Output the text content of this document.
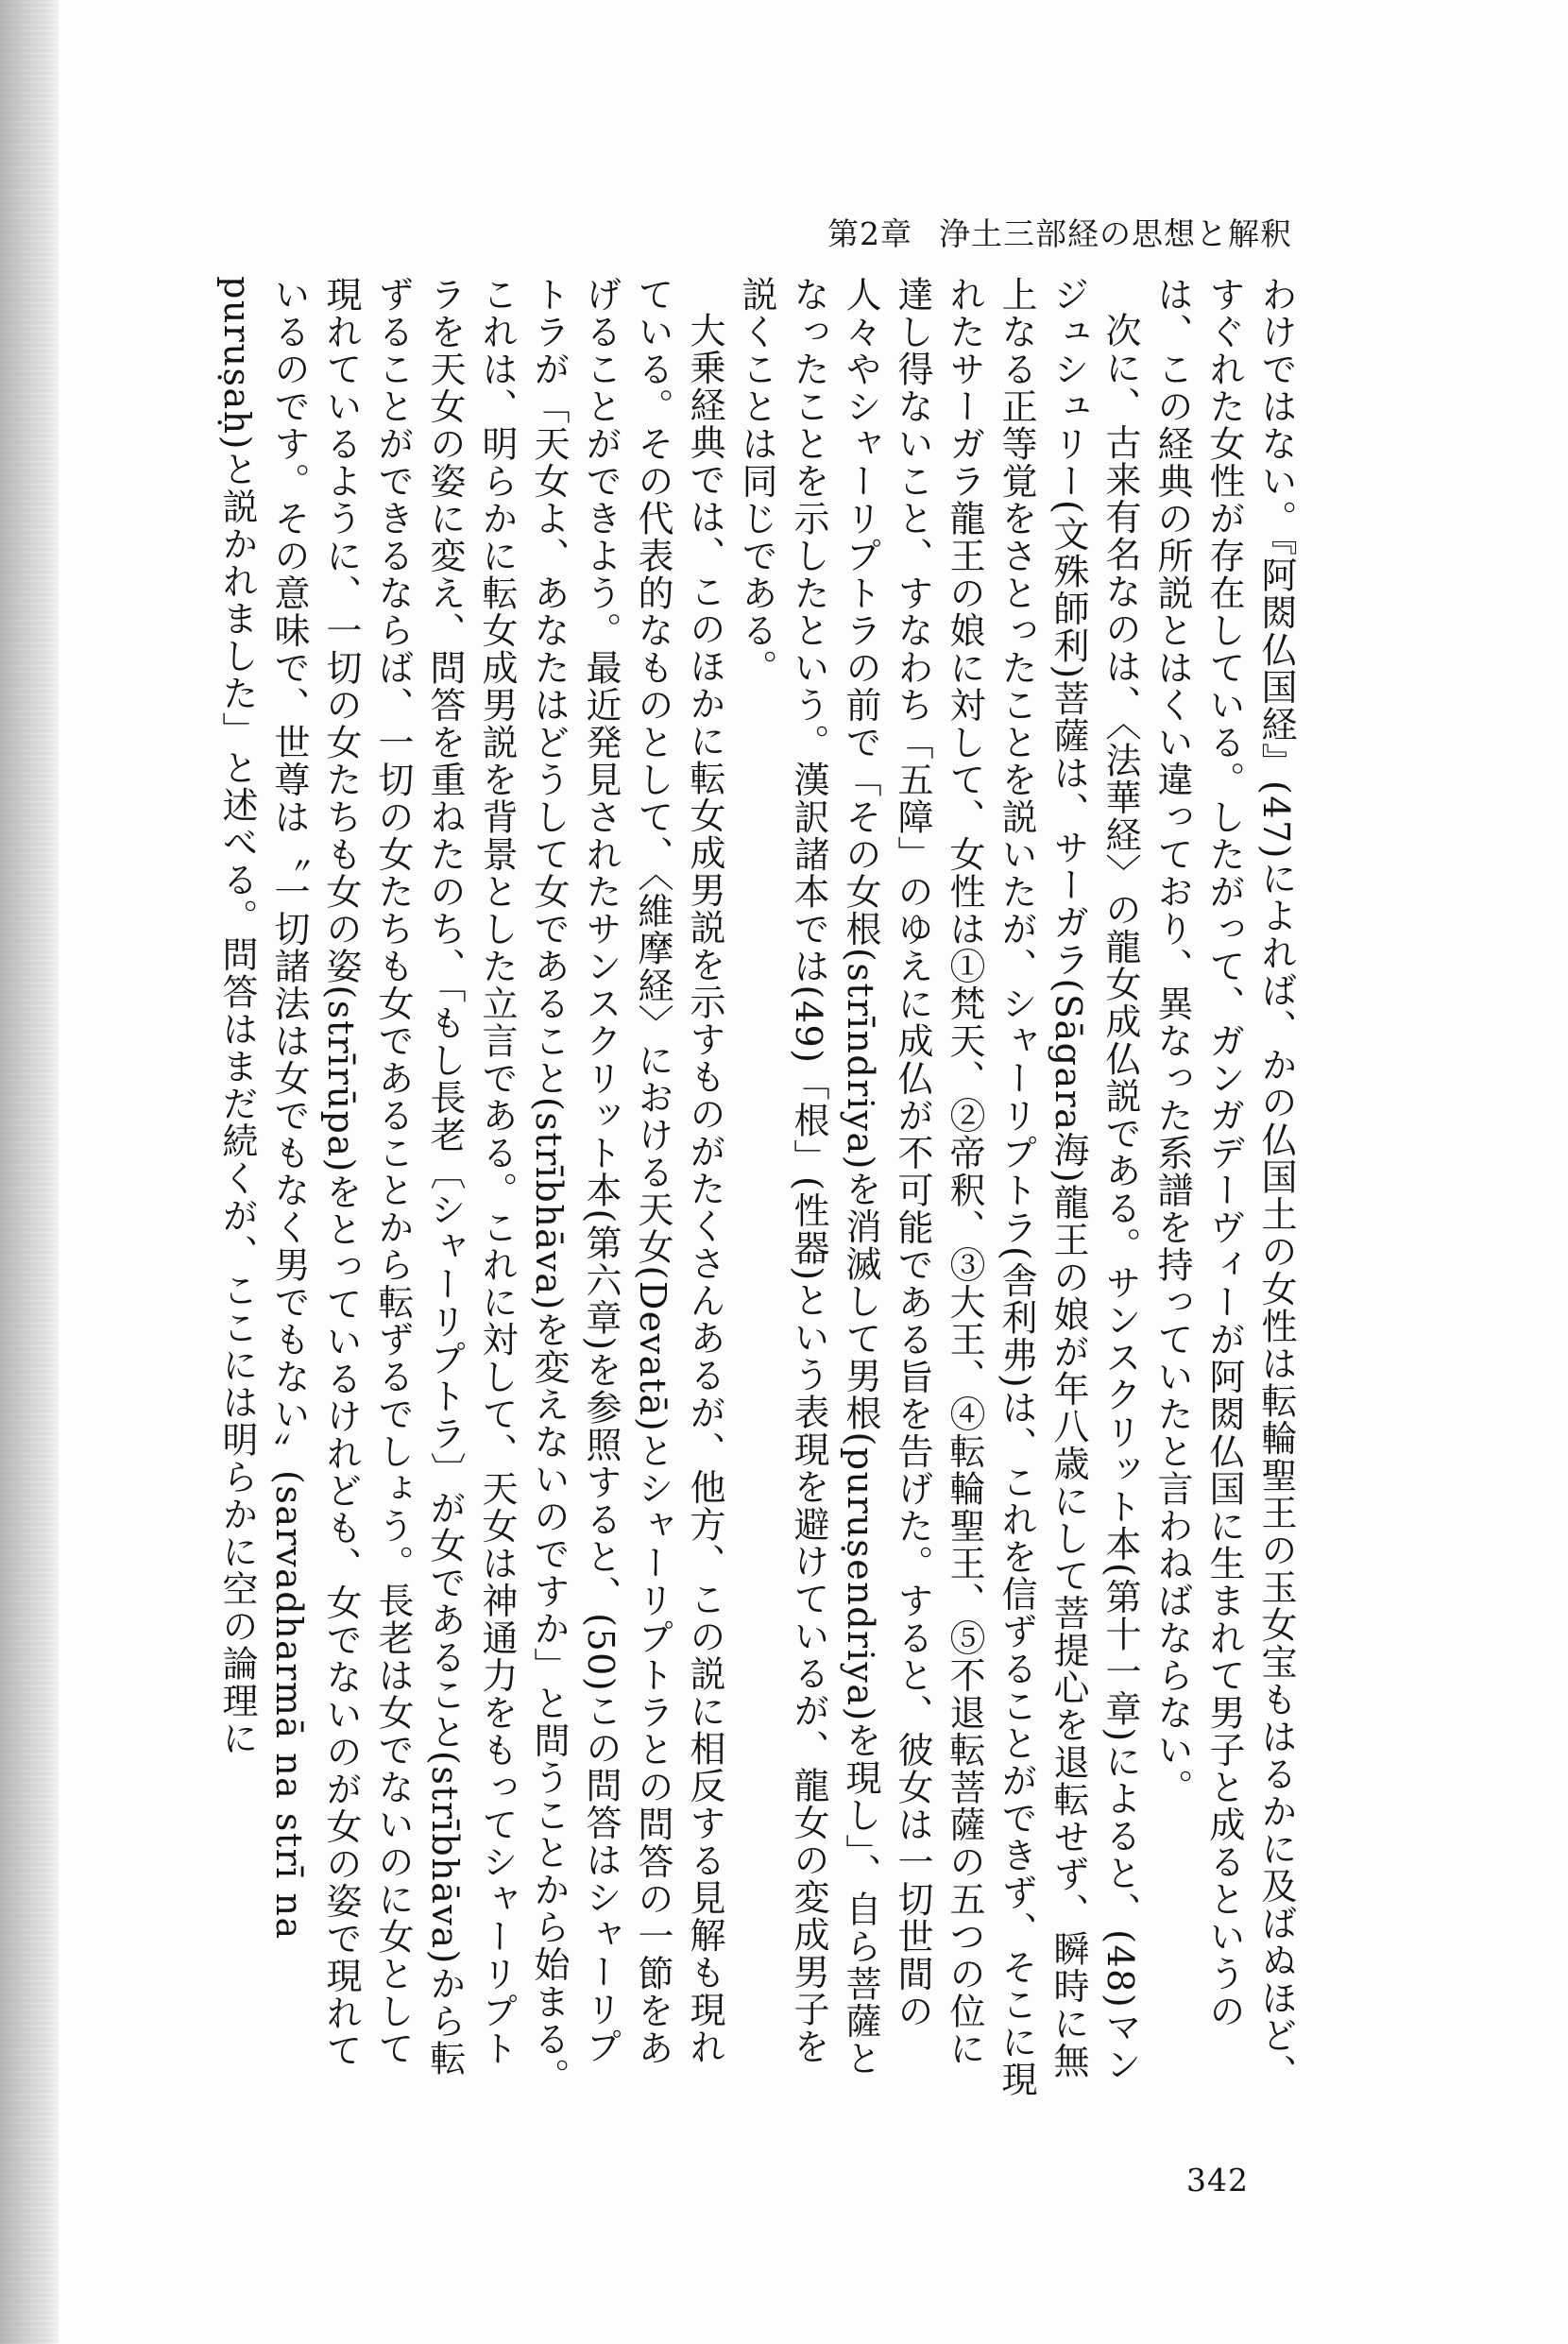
第2章 浄土三部経の思想と解釈

わけではない。『阿閦仏国経』(47)によれば、かの仏国土の女性は転輪聖王の玉女宝もはるかに及ばぬほど、すぐれた女性が存在している。したがって、ガンガデーヴィーが阿閦仏国に生まれて男子と成るというのは、この経典の所説とはくい違っており、異なった系譜を持っていたと言わねばならない。

次に、古来有名なのは、〈法華経〉の龍女成仏説である。サンスクリット本(第十一章)によると、(48)マンジュシュリー(文殊師利)菩薩は、サーガラ(Sāgara海)龍王の娘が年八歳にして菩提心を退転せず、瞬時に無上なる正等覚をさとったことを説いたが、シャーリプトラ(舎利弗)は、これを信ずることができず、そこに現れたサーガラ龍王の娘に対して、女性は①梵天、②帝釈、③大王、④転輪聖王、⑤不退転菩薩の五つの位に達し得ないこと、すなわち「五障」のゆえに成仏が不可能である旨を告げた。すると、彼女は一切世間の人々やシャーリプトラの前で「その女根(strīndriya)を消滅して男根(puruṣendriya)を現し」、自ら菩薩となったことを示したという。漢訳諸本では(49)「根」(性器)という表現を避けているが、龍女の変成男子を説くことは同じである。

大乗経典では、このほかに転女成男説を示すものがたくさんあるが、他方、この説に相反する見解も現れている。その代表的なものとして、〈維摩経〉における天女(Devatā)とシャーリプトラとの問答の一節をあげることができよう。最近発見されたサンスクリット本(第六章)を参照すると、(50)この問答はシャーリプトラが「天女よ、あなたはどうして女であること(strībhāva)を変えないのですか」と問うことから始まる。これは、明らかに転女成男説を背景とした立言である。これに対して、天女は神通力をもってシャーリプトラを天女の姿に変え、問答を重ねたのち、「もし長老〔シャーリプトラ〕が女であること(strībhāva)から転ずることができるならば、一切の女たちも女であることから転ずるでしょう。長老は女でないのに女として現れているように、一切の女たちも女の姿(strīrūpa)をとっているけれども、女でないのが女の姿で現れているのです。その意味で、世尊は〝一切諸法は女でもなく男でもない〟(sarvadharmā na strī na puruṣaḥ)と説かれました」と述べる。問答はまだ続くが、ここには明らかに空の論理に

342
